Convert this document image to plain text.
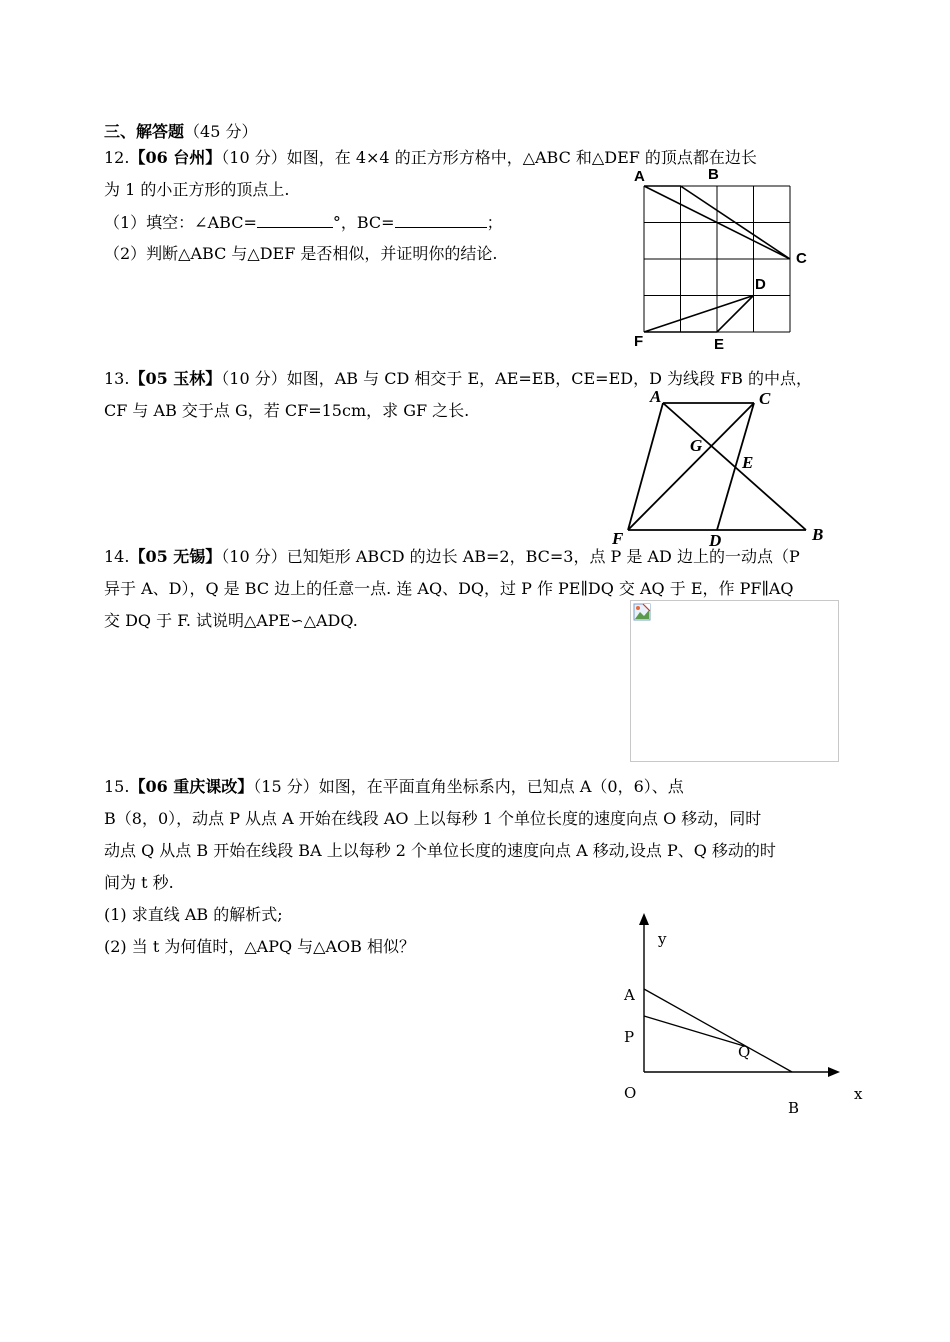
三、解答题（45 分）
12.【06 台州】（10 分）如图，在 4×4 的正方形方格中，△ABC 和△DEF 的顶点都在边长
为 1 的小正方形的顶点上.
（1）填空：∠ABC=	°，BC=	；
（2）判断△ABC 与△DEF 是否相似，并证明你的结论.
A	B
C
D
E
F
13.【05 玉林】（10 分）如图，AB 与 CD 相交于 E，AE=EB，CE=ED，D 为线段 FB 的中点，
CF 与 AB 交于点 G，若 CF=15cm，求 GF 之长.
A	C
G
E
F	D	B
14.【05 无锡】（10 分）已知矩形 ABCD 的边长 AB=2，BC=3，点 P 是 AD 边上的一动点（P
异于 A、D），Q 是 BC 边上的任意一点. 连 AQ、DQ，过 P 作 PE∥DQ 交 AQ 于 E，作 PF∥AQ
交 DQ 于 F. 试说明△APE∽△ADQ.
15.【06 重庆课改】（15 分）如图，在平面直角坐标系内，已知点 A（0，6）、点
B（8，0），动点 P 从点 A 开始在线段 AO 上以每秒 1 个单位长度的速度向点 O 移动，同时
动点 Q 从点 B 开始在线段 BA 上以每秒 2 个单位长度的速度向点 A 移动,设点 P、Q 移动的时
间为 t 秒.
(1) 求直线 AB 的解析式;
(2) 当 t 为何值时，△APQ 与△AOB 相似？	y
A
P
Q
O
B
x
